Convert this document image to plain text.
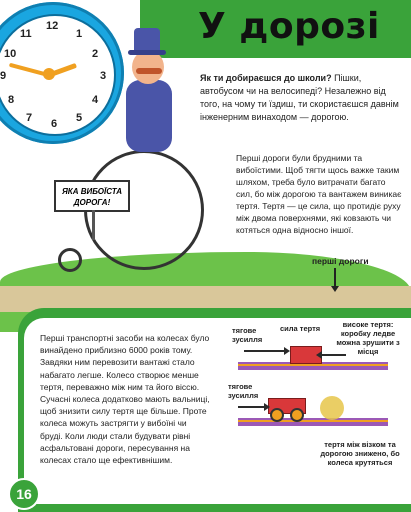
У дорозі
12
1
2
3
4
5
6
7
8
9
10
11
Як ти добираєшся до школи? Пішки, автобусом чи на велосипеді? Незалежно від того, на чому ти їздиш, ти скористаєшся давнім інженерним винаходом — дорогою.
ЯКА ВИБОЇСТА ДОРОГА!
Перші дороги були брудними та вибоїстими. Щоб тягти щось важке таким шляхом, треба було витрачати багато сил, бо між дорогою та вантажем виникає тертя. Тертя — це сила, що протидіє руху між двома поверхнями, які ковзають чи котяться одна відносно іншої.
перші дороги
Перші транспортні засоби на колесах було винайдено приблизно 6000 років тому. Завдяки ним перевозити вантажі стало набагато легше. Колесо створює менше тертя, переважно між ним та його віссю. Сучасні колеса додатково мають вальниці, щоб знизити силу тертя ще більше. Проте колеса можуть застрягти у вибоїні чи бруді. Коли люди стали будувати рівні асфальтовані дороги, пересування на колесах стало ще ефективнішим.
тягове зусилля
сила тертя	високе тертя: коробку ледве можна зрушити з місця
тягове зусилля
тертя між візком та дорогою знижено, бо колеса крутяться
16
